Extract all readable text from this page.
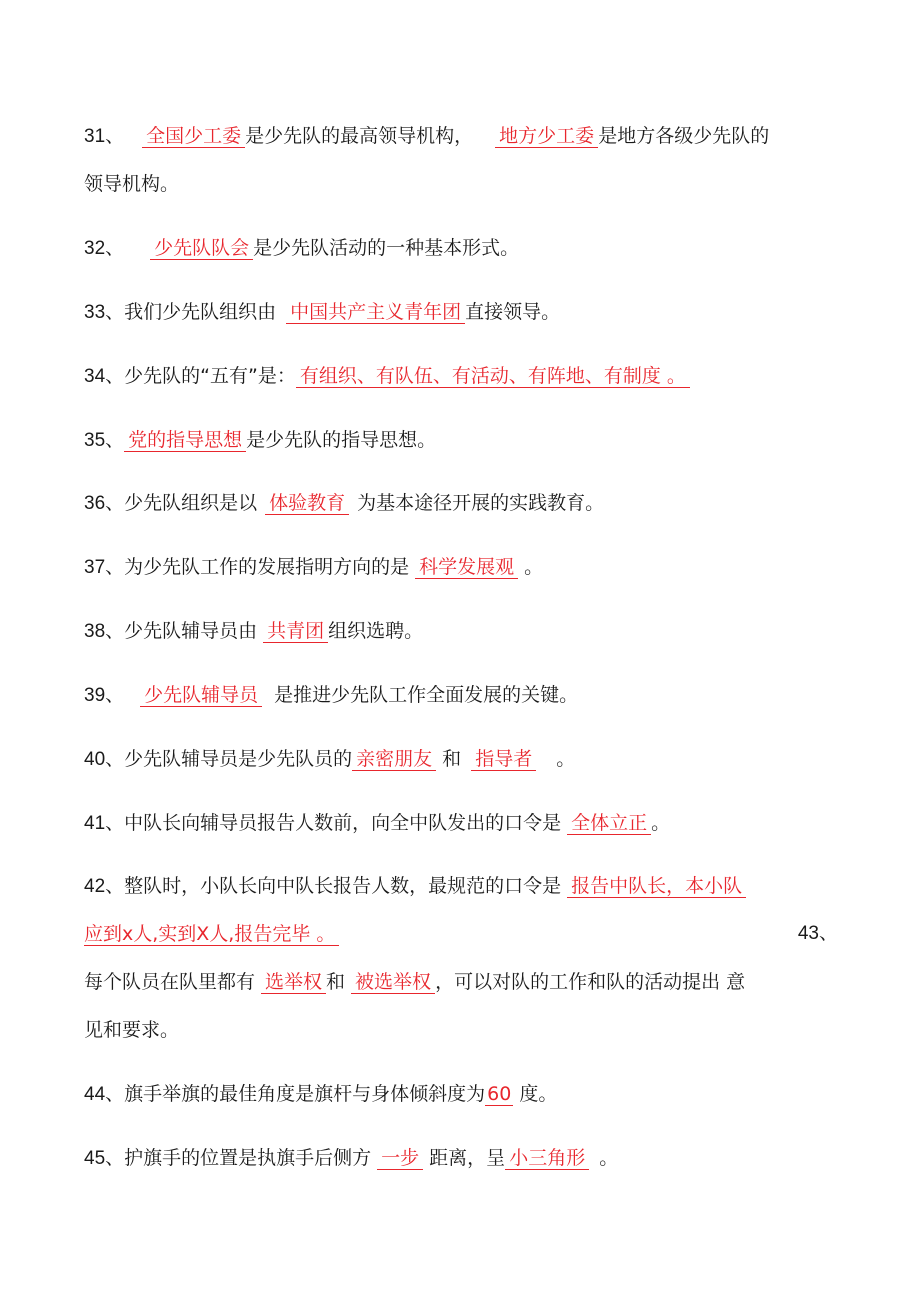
31、 全国少工委 是少先队的最高领导机构， 地方少工委 是地方各级少先队的
领导机构。
32、 少先队队会 是少先队活动的一种基本形式。
33、我们少先队组织由 中国共产主义青年团 直接领导。
34、少先队的“五有”是： 有组织、有队伍、有活动、有阵地、有制度 。
35、 党的指导思想 是少先队的指导思想。
36、少先队组织是以 体验教育 为基本途径开展的实践教育。
37、为少先队工作的发展指明方向的是 科学发展观 。
38、少先队辅导员由 共青团 组织选聘。
39、 少先队辅导员 是推进少先队工作全面发展的关键。
40、少先队辅导员是少先队员的 亲密朋友 和 指导者 。
41、中队长向辅导员报告人数前，向全中队发出的口令是 全体立正 。
42、整队时，小队长向中队长报告人数，最规范的口令是 报告中队长，本小队
应到x人,实到X人,报告完毕 。	43、
每个队员在队里都有 选举权 和 被选举权 ，可以对队的工作和队的活动提出 意
见和要求。
44、旗手举旗的最佳角度是旗杆与身体倾斜度为 60 度。
45、护旗手的位置是执旗手后侧方 一步 距离，呈 小三角形 。
